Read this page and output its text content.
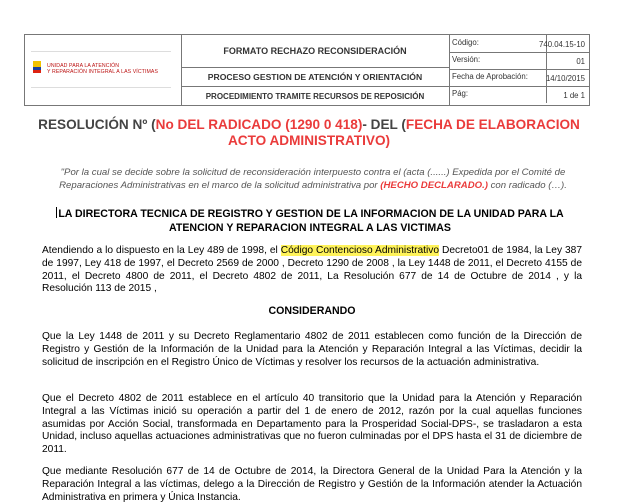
UNIDAD PARA LA ATENCIÓN
Y REPARACIÓN INTEGRAL A LAS VÍCTIMAS
FORMATO RECHAZO RECONSIDERACIÓN
PROCESO GESTION DE ATENCIÓN Y ORIENTACIÓN
PROCEDIMIENTO TRAMITE RECURSOS DE REPOSICIÓN
Código:	740.04.15-10
Versión:	01
Fecha de Aprobación: 14/10/2015
Pág:	1 de 1
RESOLUCIÓN Nº (No DEL RADICADO (1290 0 418)- DEL (FECHA DE ELABORACION ACTO ADMINISTRATIVO)
"Por la cual se decide sobre la solicitud de reconsideración interpuesto contra el (acta (......) Expedida por el Comité de Reparaciones Administrativas en el marco de la solicitud administrativa por (HECHO DECLARADO.) con radicado (…).
LA DIRECTORA TECNICA DE REGISTRO Y GESTION DE LA INFORMACION DE LA UNIDAD PARA LA ATENCION Y REPARACION INTEGRAL A LAS VICTIMAS
Atendiendo a lo dispuesto en la Ley 489 de 1998, el Código Contencioso Administrativo Decreto01 de 1984, la Ley 387 de 1997, Ley 418 de 1997, el Decreto 2569 de 2000 , Decreto 1290 de 2008 , la Ley 1448 de 2011, el Decreto 4155 de 2011, el Decreto 4800 de 2011, el Decreto 4802 de 2011, La Resolución 677 de 14 de Octubre de 2014 , y la Resolución 113 de 2015 ,
CONSIDERANDO
Que la Ley 1448 de 2011 y su Decreto Reglamentario 4802 de 2011 establecen como función de la Dirección de Registro y Gestión de la Información de la Unidad para la Atención y Reparación Integral a las Víctimas, decidir la solicitud de inscripción en el Registro Único de Víctimas y resolver los recursos de la actuación administrativa.
Que el Decreto 4802 de 2011 establece en el artículo 40 transitorio que la Unidad para la Atención y Reparación Integral a las Víctimas inició su operación a partir del 1 de enero de 2012, razón por la cual aquellas funciones asumidas por Acción Social, transformada en Departamento para la Prosperidad Social-DPS-, se trasladaron a esta Unidad, incluso aquellas actuaciones administrativas que no fueron culminadas por el DPS hasta el 31 de diciembre de 2011.
Que mediante Resolución 677 de 14 de Octubre de 2014, la Directora General de la Unidad Para la Atención y la Reparación Integral a las víctimas, delego a la Dirección de Registro y Gestión de la Información atender la Actuación Administrativa en primera y Única Instancia.
